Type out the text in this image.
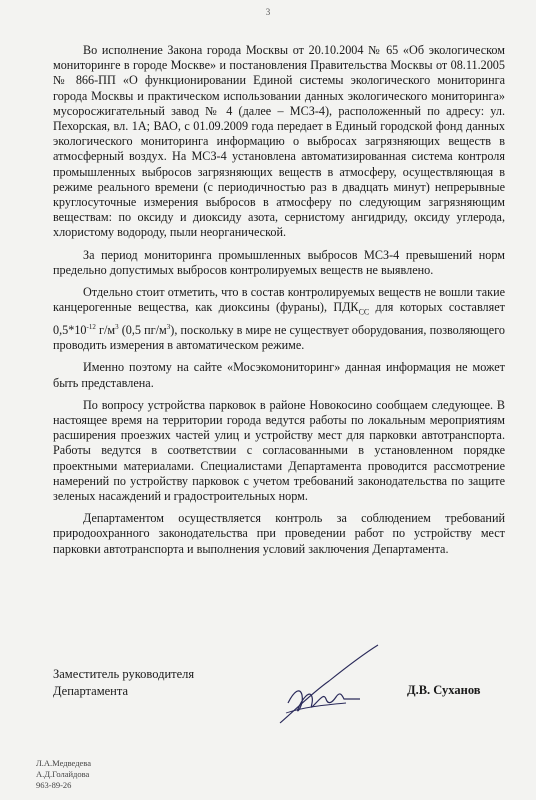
3

Во исполнение Закона города Москвы от 20.10.2004 № 65 «Об экологическом мониторинге в городе Москве» и постановления Правительства Москвы от 08.11.2005 № 866-ПП «О функционировании Единой системы экологического мониторинга города Москвы и практическом использовании данных экологического мониторинга» мусоросжигательный завод № 4 (далее – МСЗ-4), расположенный по адресу: ул. Пехорская, вл. 1А; ВАО, с 01.09.2009 года передает в Единый городской фонд данных экологического мониторинга информацию о выбросах загрязняющих веществ в атмосферный воздух. На МСЗ-4 установлена автоматизированная система контроля промышленных выбросов загрязняющих веществ в атмосферу, осуществляющая в режиме реального времени (с периодичностью раз в двадцать минут) непрерывные круглосуточные измерения выбросов в атмосферу по следующим загрязняющим веществам: по оксиду и диоксиду азота, сернистому ангидриду, оксиду углерода, хлористому водороду, пыли неорганической.

За период мониторинга промышленных выбросов МСЗ-4 превышений норм предельно допустимых выбросов контролируемых веществ не выявлено.

Отдельно стоит отметить, что в состав контролируемых веществ не вошли такие канцерогенные вещества, как диоксины (фураны), $ПДК_{СС}$ для которых составляет $0,5*10^{-12}$ $г/м^3$ (0,5 $пг/м^3$), поскольку в мире не существует оборудования, позволяющего проводить измерения в автоматическом режиме.

Именно поэтому на сайте «Мосэкомониторинг» данная информация не может быть представлена.

По вопросу устройства парковок в районе Новокосино сообщаем следующее. В настоящее время на территории города ведутся работы по локальным мероприятиям расширения проезжих частей улиц и устройству мест для парковки автотранспорта. Работы ведутся в соответствии с согласованными в установленном порядке проектными материалами. Специалистами Департамента проводится рассмотрение намерений по устройству парковок с учетом требований законодательства по защите зеленых насаждений и градостроительных норм.

Департаментом осуществляется контроль за соблюдением требований природоохранного законодательства при проведении работ по устройству мест парковки автотранспорта и выполнения условий заключения Департамента.

Заместитель руководителя
Департамента	Д.В. Суханов
Л.А.Медведева
А.Д.Голайдова
963-89-26
